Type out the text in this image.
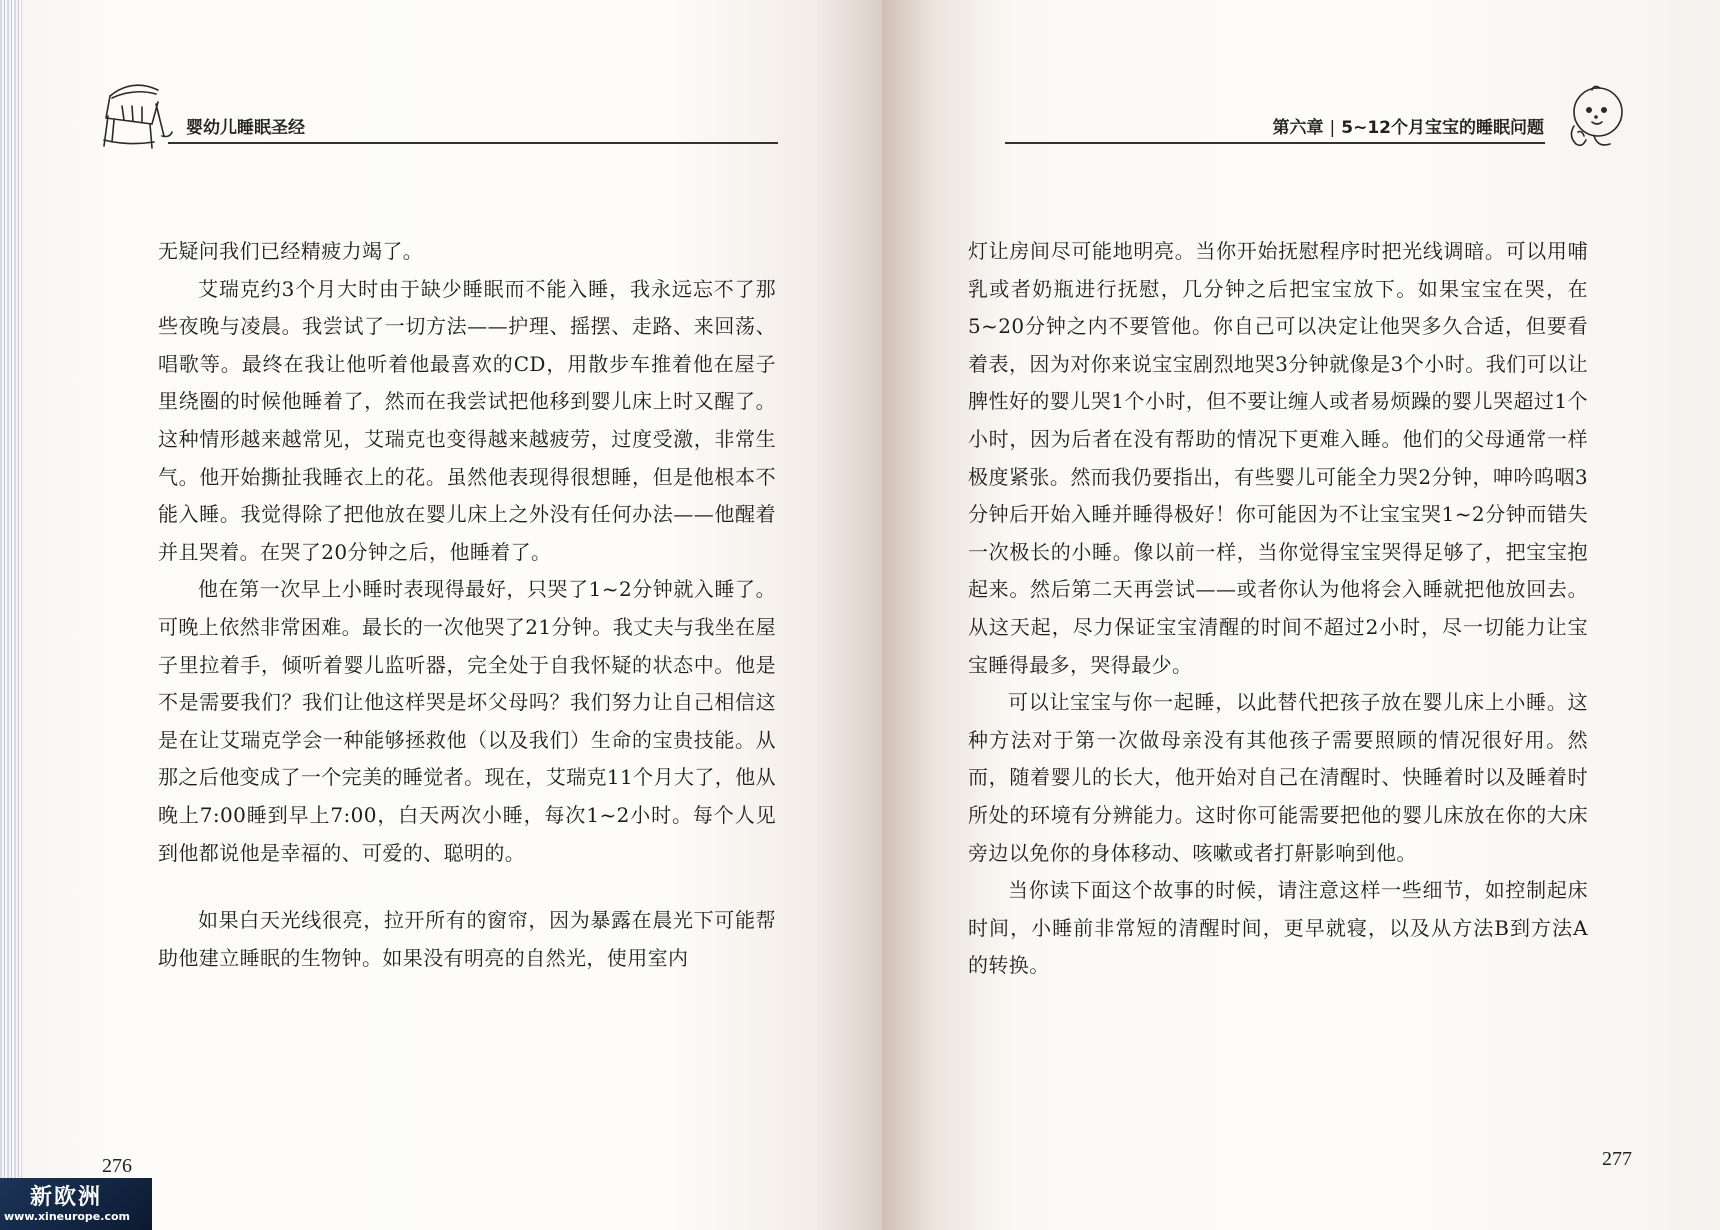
婴幼儿睡眠圣经	第六章 | 5~12个月宝宝的睡眠问题

无疑问我们已经精疲力竭了。

艾瑞克约3个月大时由于缺少睡眠而不能入睡，我永远忘不了那些夜晚与凌晨。我尝试了一切方法——护理、摇摆、走路、来回荡、唱歌等。最终在我让他听着他最喜欢的CD，用散步车推着他在屋子里绕圈的时候他睡着了，然而在我尝试把他移到婴儿床上时又醒了。这种情形越来越常见，艾瑞克也变得越来越疲劳，过度受激，非常生气。他开始撕扯我睡衣上的花。虽然他表现得很想睡，但是他根本不能入睡。我觉得除了把他放在婴儿床上之外没有任何办法——他醒着并且哭着。在哭了20分钟之后，他睡着了。

他在第一次早上小睡时表现得最好，只哭了1~2分钟就入睡了。可晚上依然非常困难。最长的一次他哭了21分钟。我丈夫与我坐在屋子里拉着手，倾听着婴儿监听器，完全处于自我怀疑的状态中。他是不是需要我们？我们让他这样哭是坏父母吗？我们努力让自己相信这是在让艾瑞克学会一种能够拯救他（以及我们）生命的宝贵技能。从那之后他变成了一个完美的睡觉者。现在，艾瑞克11个月大了，他从晚上7:00睡到早上7:00，白天两次小睡，每次1~2小时。每个人见到他都说他是幸福的、可爱的、聪明的。

如果白天光线很亮，拉开所有的窗帘，因为暴露在晨光下可能帮助他建立睡眠的生物钟。如果没有明亮的自然光，使用室内

灯让房间尽可能地明亮。当你开始抚慰程序时把光线调暗。可以用哺乳或者奶瓶进行抚慰，几分钟之后把宝宝放下。如果宝宝在哭，在5~20分钟之内不要管他。你自己可以决定让他哭多久合适，但要看着表，因为对你来说宝宝剧烈地哭3分钟就像是3个小时。我们可以让脾性好的婴儿哭1个小时，但不要让缠人或者易烦躁的婴儿哭超过1个小时，因为后者在没有帮助的情况下更难入睡。他们的父母通常一样极度紧张。然而我仍要指出，有些婴儿可能全力哭2分钟，呻吟呜咽3分钟后开始入睡并睡得极好！你可能因为不让宝宝哭1~2分钟而错失一次极长的小睡。像以前一样，当你觉得宝宝哭得足够了，把宝宝抱起来。然后第二天再尝试——或者你认为他将会入睡就把他放回去。从这天起，尽力保证宝宝清醒的时间不超过2小时，尽一切能力让宝宝睡得最多，哭得最少。

可以让宝宝与你一起睡，以此替代把孩子放在婴儿床上小睡。这种方法对于第一次做母亲没有其他孩子需要照顾的情况很好用。然而，随着婴儿的长大，他开始对自己在清醒时、快睡着时以及睡着时所处的环境有分辨能力。这时你可能需要把他的婴儿床放在你的大床旁边以免你的身体移动、咳嗽或者打鼾影响到他。

当你读下面这个故事的时候，请注意这样一些细节，如控制起床时间，小睡前非常短的清醒时间，更早就寝，以及从方法B到方法A的转换。

276	277
新欧洲
www.xineurope.com
